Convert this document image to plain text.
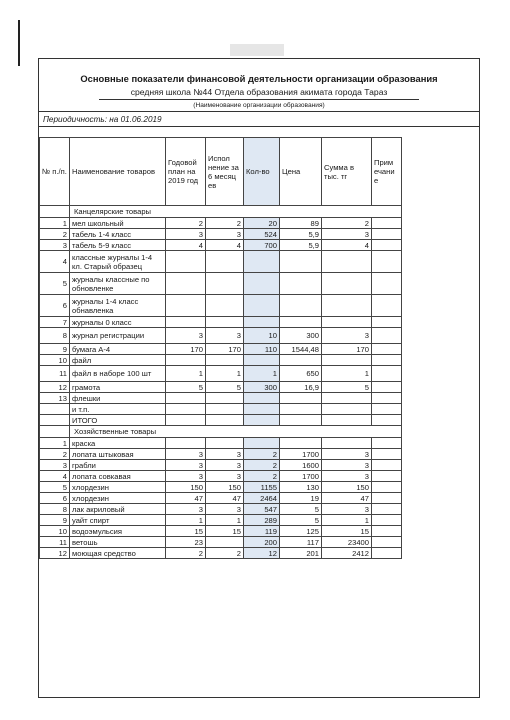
Основные показатели финансовой деятельности организации образования
средняя школа №44 Отдела образования акимата города Тараз
(Наименование организации образования)
Периодичность: на 01.06.2019
№ п./п.	Наименование товаров	Годовой план на 2019 год	Испол нение за 6 месяц ев	Кол-во	Цена	Сумма в тыс. тг	Прим ечани е	
	Канцелярские товары							
1	мел школьный	2	2	20	89	2		
2	табель 1-4 класс	3	3	524	5,9	3		
3	табель 5-9 класс	4	4	700	5,9	4		
4	классные журналы 1-4 кл. Старый образец							
5	журналы классные по обновленке							
6	журналы 1-4 класс обнавленка							
7	журналы 0 класс							
8	журнал регистрации	3	3	10	300	3		
9	бумага А-4	170	170	110	1544,48	170		
10	файл							
11	файл в наборе 100 шт	1	1	1	650	1		
12	грамота	5	5	300	16,9	5		
13	флешки							
	и т.п.							
	ИТОГО							
	Хозяйственные товары							
1	краска							
2	лопата штыковая	3	3	2	1700	3		
3	грабли	3	3	2	1600	3		
4	лопата совкавая	3	3	2	1700	3		
5	хлордезин	150	150	1155	130	150		
6	хлордезин	47	47	2464	19	47		
8	лак акриловый	3	3	547	5	3		
9	уайт спирт	1	1	289	5	1		
10	водоэмульсия	15	15	119	125	15		
11	ветошь	23		200	117	23400		
12	моющая средство	2	2	12	201	2412		
